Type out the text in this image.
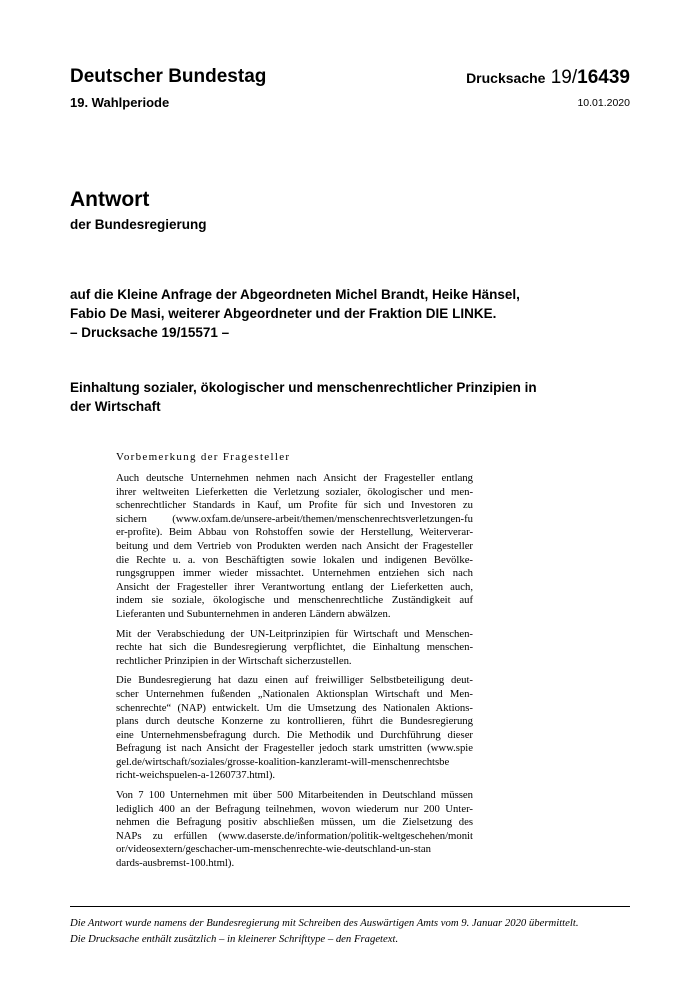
Deutscher Bundestag
19. Wahlperiode
Drucksache 19/16439
10.01.2020
Antwort
der Bundesregierung
auf die Kleine Anfrage der Abgeordneten Michel Brandt, Heike Hänsel,
Fabio De Masi, weiterer Abgeordneter und der Fraktion DIE LINKE.
– Drucksache 19/15571 –
Einhaltung sozialer, ökologischer und menschenrechtlicher Prinzipien in
der Wirtschaft
Vorbemerkung der Fragesteller

Auch deutsche Unternehmen nehmen nach Ansicht der Fragesteller entlang
ihrer weltweiten Lieferketten die Verletzung sozialer, ökologischer und men-
schenrechtlicher Standards in Kauf, um Profite für sich und Investoren zu
sichern (www.oxfam.de/unsere-arbeit/themen/menschenrechtsverletzungen-fu
er-profite). Beim Abbau von Rohstoffen sowie der Herstellung, Weiterverar-
beitung und dem Vertrieb von Produkten werden nach Ansicht der Fragesteller
die Rechte u. a. von Beschäftigten sowie lokalen und indigenen Bevölke-
rungsgruppen immer wieder missachtet. Unternehmen entziehen sich nach
Ansicht der Fragesteller ihrer Verantwortung entlang der Lieferketten auch,
indem sie soziale, ökologische und menschenrechtliche Zuständigkeit auf
Lieferanten und Subunternehmen in anderen Ländern abwälzen.

Mit der Verabschiedung der UN-Leitprinzipien für Wirtschaft und Menschen-
rechte hat sich die Bundesregierung verpflichtet, die Einhaltung menschen-
rechtlicher Prinzipien in der Wirtschaft sicherzustellen.

Die Bundesregierung hat dazu einen auf freiwilliger Selbstbeteiligung deut-
scher Unternehmen fußenden „Nationalen Aktionsplan Wirtschaft und Men-
schenrechte“ (NAP) entwickelt. Um die Umsetzung des Nationalen Aktions-
plans durch deutsche Konzerne zu kontrollieren, führt die Bundesregierung
eine Unternehmensbefragung durch. Die Methodik und Durchführung dieser
Befragung ist nach Ansicht der Fragesteller jedoch stark umstritten (www.spie
gel.de/wirtschaft/soziales/grosse-koalition-kanzleramt-will-menschenrechtsbe
richt-weichspuelen-a-1260737.html).

Von 7 100 Unternehmen mit über 500 Mitarbeitenden in Deutschland müssen
lediglich 400 an der Befragung teilnehmen, wovon wiederum nur 200 Unter-
nehmen die Befragung positiv abschließen müssen, um die Zielsetzung des
NAPs zu erfüllen (www.daserste.de/information/politik-weltgeschehen/monit
or/videosextern/geschacher-um-menschenrechte-wie-deutschland-un-stan
dards-ausbremst-100.html).

Die Antwort wurde namens der Bundesregierung mit Schreiben des Auswärtigen Amts vom 9. Januar 2020 übermittelt.
Die Drucksache enthält zusätzlich – in kleinerer Schrifttype – den Fragetext.
